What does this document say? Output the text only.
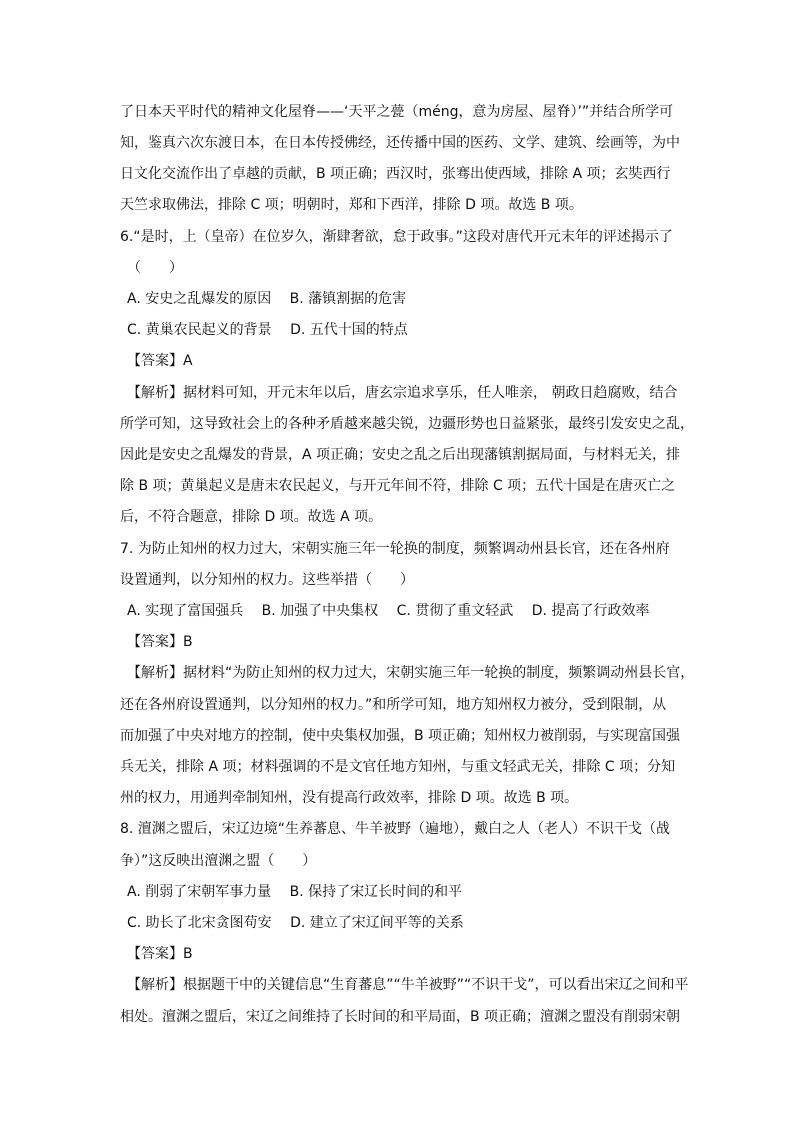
了日本天平时代的精神文化屋脊——‘天平之甍（méng，意为房屋、屋脊）’”并结合所学可
知，鉴真六次东渡日本，在日本传授佛经，还传播中国的医药、文学、建筑、绘画等，为中
日文化交流作出了卓越的贡献，B 项正确；西汉时，张骞出使西域，排除 A 项；玄奘西行
天竺求取佛法，排除 C 项；明朝时，郑和下西洋，排除 D 项。故选 B 项。
6.“是时，上（皇帝）在位岁久，渐肆奢欲，怠于政事。”这段对唐代开元末年的评述揭示了
（　　）
A. 安史之乱爆发的原因　 B. 藩镇割据的危害
C. 黄巢农民起义的背景　 D. 五代十国的特点
【答案】A
【解析】据材料可知，开元末年以后，唐玄宗追求享乐，任人唯亲， 朝政日趋腐败，结合
所学可知，这导致社会上的各种矛盾越来越尖锐，边疆形势也日益紧张，最终引发安史之乱，
因此是安史之乱爆发的背景，A 项正确；安史之乱之后出现藩镇割据局面，与材料无关，排
除 B 项；黄巢起义是唐末农民起义，与开元年间不符，排除 C 项；五代十国是在唐灭亡之
后，不符合题意，排除 D 项。故选 A 项。
7. 为防止知州的权力过大，宋朝实施三年一轮换的制度，频繁调动州县长官，还在各州府
设置通判，以分知州的权力。这些举措（　　）
A. 实现了富国强兵　 B. 加强了中央集权　 C. 贯彻了重文轻武　 D. 提高了行政效率
【答案】B
【解析】据材料“为防止知州的权力过大，宋朝实施三年一轮换的制度，频繁调动州县长官，
还在各州府设置通判，以分知州的权力。”和所学可知，地方知州权力被分，受到限制，从
而加强了中央对地方的控制，使中央集权加强，B 项正确；知州权力被削弱，与实现富国强
兵无关，排除 A 项；材料强调的不是文官任地方知州，与重文轻武无关，排除 C 项；分知
州的权力，用通判牵制知州，没有提高行政效率，排除 D 项。故选 B 项。
8. 澶渊之盟后，宋辽边境“生养蕃息、牛羊被野（遍地），戴白之人（老人）不识干戈（战
争）”这反映出澶渊之盟（　　）
A. 削弱了宋朝军事力量　 B. 保持了宋辽长时间的和平
C. 助长了北宋贪图苟安　 D. 建立了宋辽间平等的关系
【答案】B
【解析】根据题干中的关键信息“生育蕃息”“牛羊被野”“不识干戈”，可以看出宋辽之间和平
相处。澶渊之盟后，宋辽之间维持了长时间的和平局面，B 项正确；澶渊之盟没有削弱宋朝
